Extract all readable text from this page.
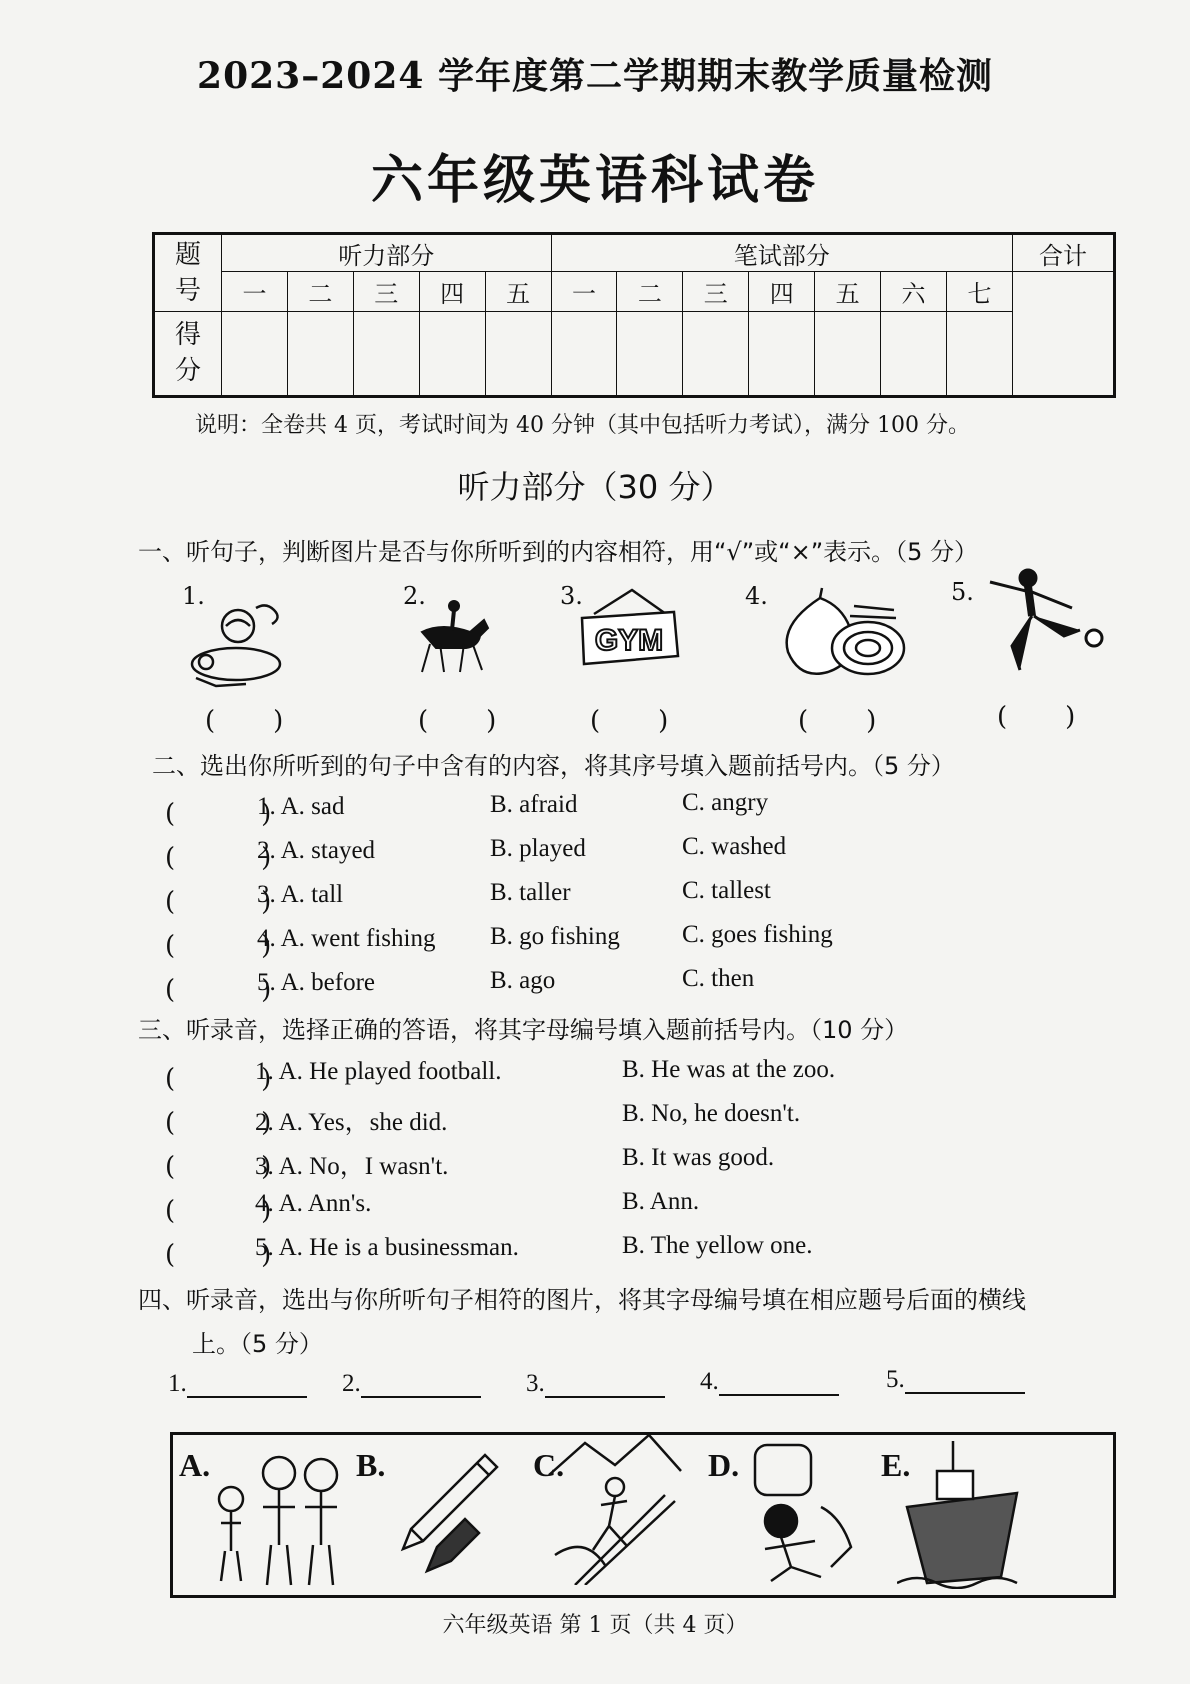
2023–2024 学年度第二学期期末教学质量检测
六年级英语科试卷
题号	听力部分					笔试部分							合计
	一	二	三	四	五	一	二	三	四	五	六	七	
得分													
说明：全卷共 4 页，考试时间为 40 分钟（其中包括听力考试），满分 100 分。
听力部分（30 分）
一、听句子，判断图片是否与你所听到的内容相符，用“√”或“×”表示。（5 分）
1.
(　　)
2.
(　　)
3.
GYM
(　　)
4.
(　　)
5.
(　　)
二、选出你所听到的句子中含有的内容，将其序号填入题前括号内。（5 分）
(　　　)
1. A. sad	B. afraid	C. angry
(　　　)
2. A. stayed	B. played	C. washed
(　　　)
3. A. tall	B. taller	C. tallest
(　　　)
4. A. went fishing B. go fishing C. goes fishing
(　　　)
5. A. before	B. ago	C. then
三、听录音，选择正确的答语，将其字母编号填入题前括号内。（10 分）
(　　　)
1. A. He played football.	B. He was at the zoo.
(　　　)
2. A. Yes，she did.	B. No, he doesn't.
(　　　)
3. A. No，I wasn't.	B. It was good.
(　　　)
4. A. Ann's.	B. Ann.
(　　　)
5. A. He is a businessman.	B. The yellow one.
四、听录音，选出与你所听句子相符的图片，将其字母编号填在相应题号后面的横线
上。（5 分）
1.	2.	3.	4.	5.
A.	B.	C.	D.	E.
六年级英语 第 1 页（共 4 页）
